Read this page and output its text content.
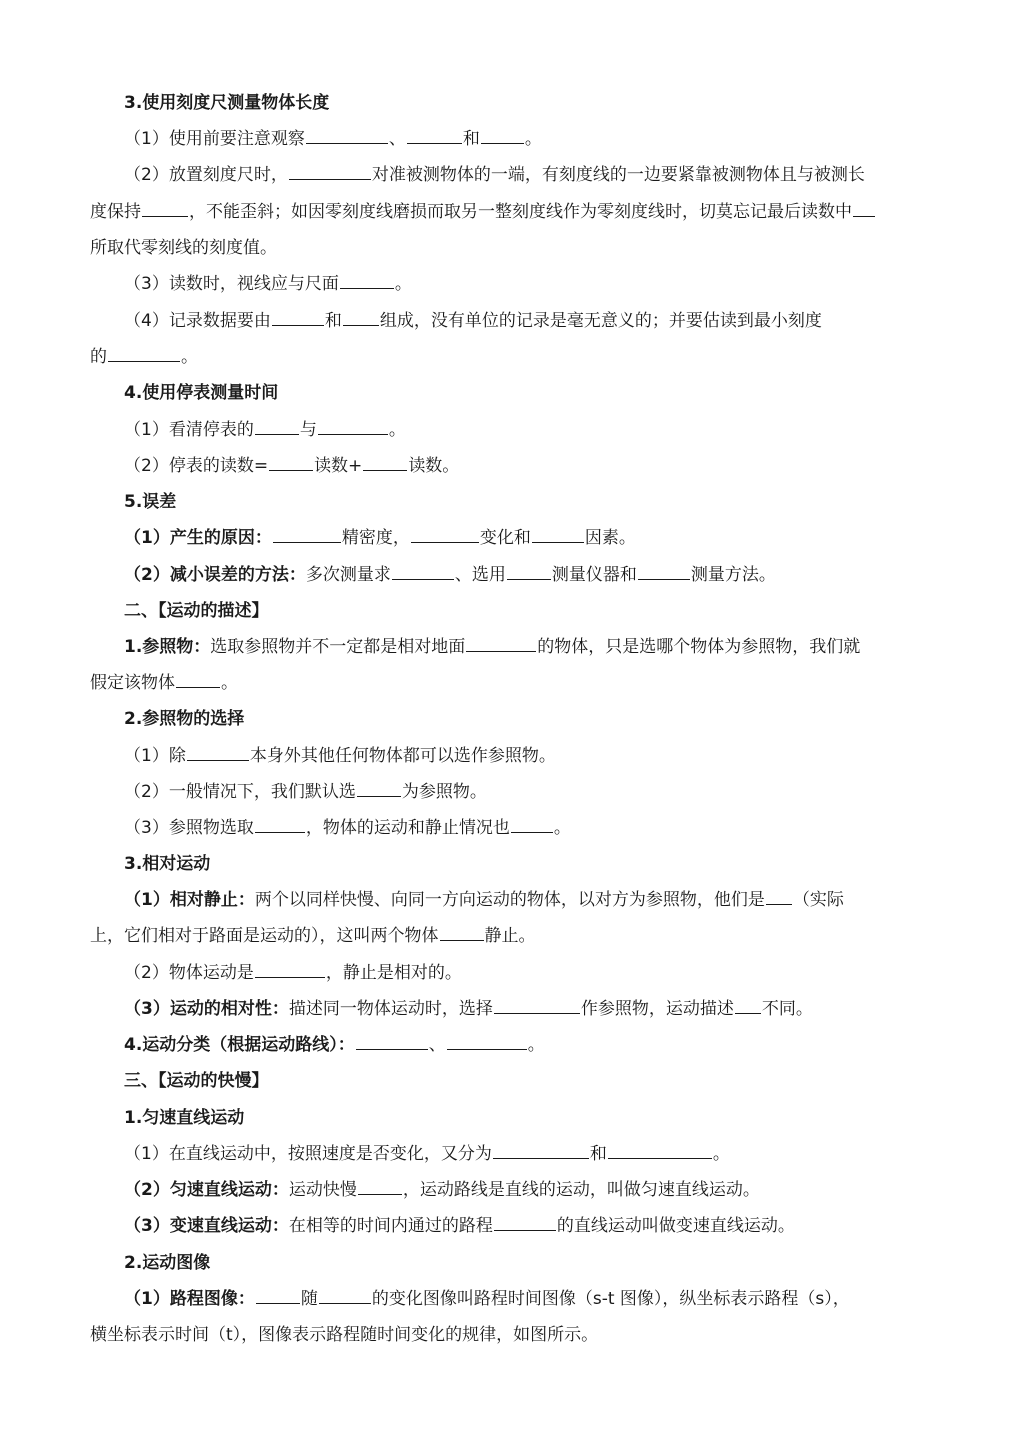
3.使用刻度尺测量物体长度
（1）使用前要注意观察	、	和	。
（2）放置刻度尺时，	对准被测物体的一端，有刻度线的一边要紧靠被测物体且与被测长
度保持	，不能歪斜；如因零刻度线磨损而取另一整刻度线作为零刻度线时，切莫忘记最后读数中
所取代零刻线的刻度值。
（3）读数时，视线应与尺面	。
（4）记录数据要由	和 组成，没有单位的记录是毫无意义的；并要估读到最小刻度
的	。
4.使用停表测量时间
（1）看清停表的	与	。
（2）停表的读数=	读数+	读数。
5.误差
（1）产生的原因：	精密度，	变化和	因素。
（2）减小误差的方法：多次测量求	、选用	测量仪器和	测量方法。
二、【运动的描述】
1.参照物：选取参照物并不一定都是相对地面	的物体，只是选哪个物体为参照物，我们就
假定该物体	。
2.参照物的选择
（1）除	本身外其他任何物体都可以选作参照物。
（2）一般情况下，我们默认选	为参照物。
（3）参照物选取	，物体的运动和静止情况也	。
3.相对运动
（1）相对静止：两个以同样快慢、向同一方向运动的物体，以对方为参照物，他们是 （实际
上，它们相对于路面是运动的），这叫两个物体	静止。
（2）物体运动是	，静止是相对的。
（3）运动的相对性：描述同一物体运动时，选择	作参照物，运动描述 不同。
4.运动分类（根据运动路线）：	、	。
三、【运动的快慢】
1.匀速直线运动
（1）在直线运动中，按照速度是否变化，又分为	和	。
（2）匀速直线运动：运动快慢	，运动路线是直线的运动，叫做匀速直线运动。
（3）变速直线运动：在相等的时间内通过的路程	的直线运动叫做变速直线运动。
2.运动图像
（1）路程图像：	随	的变化图像叫路程时间图像（s-t 图像），纵坐标表示路程（s），
横坐标表示时间（t），图像表示路程随时间变化的规律，如图所示。
